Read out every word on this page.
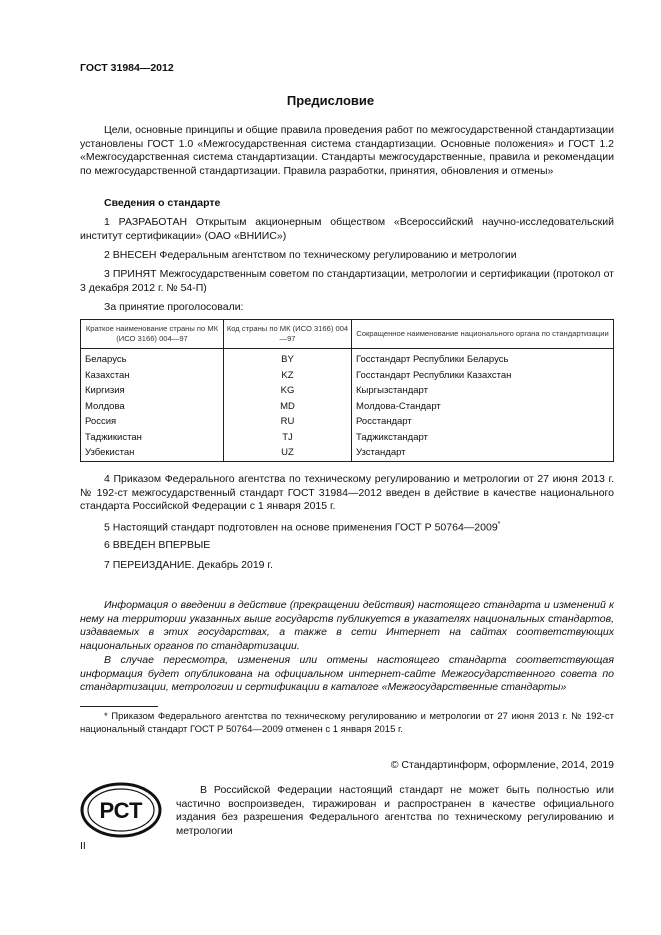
ГОСТ 31984—2012
Предисловие
Цели, основные принципы и общие правила проведения работ по межгосударственной стандартизации установлены ГОСТ 1.0 «Межгосударственная система стандартизации. Основные положения» и ГОСТ 1.2 «Межгосударственная система стандартизации. Стандарты межгосударственные, правила и рекомендации по межгосударственной стандартизации. Правила разработки, принятия, обновления и отмены»
Сведения о стандарте
1 РАЗРАБОТАН Открытым акционерным обществом «Всероссийский научно-исследовательский институт сертификации» (ОАО «ВНИИС»)
2 ВНЕСЕН Федеральным агентством по техническому регулированию и метрологии
3 ПРИНЯТ Межгосударственным советом по стандартизации, метрологии и сертификации (протокол от 3 декабря 2012 г. № 54-П)
За принятие проголосовали:
Краткое наименование страны по МК (ИСО 3166) 004—97	Код страны по МК (ИСО 3166) 004—97	Сокращенное наименование национального органа по стандартизации
Беларусь	BY	Госстандарт Республики Беларусь
Казахстан	KZ	Госстандарт Республики Казахстан
Киргизия	KG	Кыргызстандарт
Молдова	MD	Молдова-Стандарт
Россия	RU	Росстандарт
Таджикистан	TJ	Таджикстандарт
Узбекистан	UZ	Узстандарт
4 Приказом Федерального агентства по техническому регулированию и метрологии от 27 июня 2013 г. № 192-ст межгосударственный стандарт ГОСТ 31984—2012 введен в действие в качестве национального стандарта Российской Федерации с 1 января 2015 г.
5 Настоящий стандарт подготовлен на основе применения ГОСТ Р 50764—2009*
6 ВВЕДЕН ВПЕРВЫЕ
7 ПЕРЕИЗДАНИЕ. Декабрь 2019 г.
Информация о введении в действие (прекращении действия) настоящего стандарта и изменений к нему на территории указанных выше государств публикуется в указателях национальных стандартов, издаваемых в этих государствах, а также в сети Интернет на сайтах соответствующих национальных органов по стандартизации.
В случае пересмотра, изменения или отмены настоящего стандарта соответствующая информация будет опубликована на официальном интернет-сайте Межгосударственного совета по стандартизации, метрологии и сертификации в каталоге «Межгосударственные стандарты»
* Приказом Федерального агентства по техническому регулированию и метрологии от 27 июня 2013 г. № 192-ст национальный стандарт ГОСТ Р 50764—2009 отменен с 1 января 2015 г.
© Стандартинформ, оформление, 2014, 2019
РСТ
В Российской Федерации настоящий стандарт не может быть полностью или частично воспроизведен, тиражирован и распространен в качестве официального издания без разрешения Федерального агентства по техническому регулированию и метрологии
II
